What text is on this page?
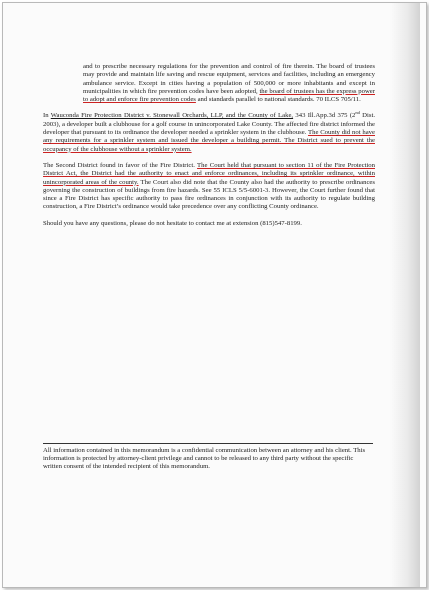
and to prescribe necessary regulations for the prevention and control of fire therein. The board of trustees may provide and maintain life saving and rescue equipment, services and facilities, including an emergency ambulance service. Except in cities having a population of 500,000 or more inhabitants and except in municipalities in which fire prevention codes have been adopted, the board of trustees has the express power to adopt and enforce fire prevention codes and standards parallel to national standards. 70 ILCS 705/11.

In Wauconda Fire Protection District v. Stonewall Orchards, LLP, and the County of Lake, 343 Ill.App.3d 375 (2nd Dist. 2003), a developer built a clubhouse for a golf course in unincorporated Lake County. The affected fire district informed the developer that pursuant to its ordinance the developer needed a sprinkler system in the clubhouse. The County did not have any requirements for a sprinkler system and issued the developer a building permit. The District sued to prevent the occupancy of the clubhouse without a sprinkler system.

The Second District found in favor of the Fire District. The Court held that pursuant to section 11 of the Fire Protection District Act, the District had the authority to enact and enforce ordinances, including its sprinkler ordinance, within unincorporated areas of the county. The Court also did note that the County also had the authority to prescribe ordinances governing the construction of buildings from fire hazards. See 55 ICLS 5/5-6001-3. However, the Court further found that since a Fire District has specific authority to pass fire ordinances in conjunction with its authority to regulate building construction, a Fire District’s ordinance would take precedence over any conflicting County ordinance.

Should you have any questions, please do not hesitate to contact me at extension (815)547-8199.

All information contained in this memorandum is a confidential communication between an attorney and his client. This information is protected by attorney-client privilege and cannot to be released to any third party without the specific written consent of the intended recipient of this memorandum.
